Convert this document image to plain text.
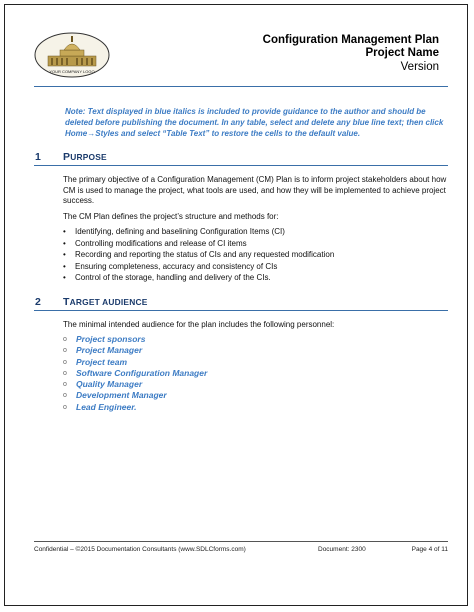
YOUR COMPANY LOGO
Configuration Management Plan
Project Name
Version
Note: Text displayed in blue italics is included to provide guidance to the author and should be deleted before publishing the document. In any table, select and delete any blue line text; then click Home→Styles and select “Table Text” to restore the cells to the default value.
1 PURPOSE

The primary objective of a Configuration Management (CM) Plan is to inform project stakeholders about how CM is used to manage the project, what tools are used, and how they will be implemented to achieve project success.

The CM Plan defines the project’s structure and methods for:

• Identifying, defining and baselining Configuration Items (CI)
• Controlling modifications and release of CI items
• Recording and reporting the status of CIs and any requested modification
• Ensuring completeness, accuracy and consistency of CIs
• Control of the storage, handling and delivery of the CIs.
2 TARGET AUDIENCE

The minimal intended audience for the plan includes the following personnel:

o Project sponsors
o Project Manager
o Project team
o Software Configuration Manager
o Quality Manager
o Development Manager
o Lead Engineer.
Confidential – ©2015 Documentation Consultants (www.SDLCforms.com)	Document: 2300	Page 4 of 11
